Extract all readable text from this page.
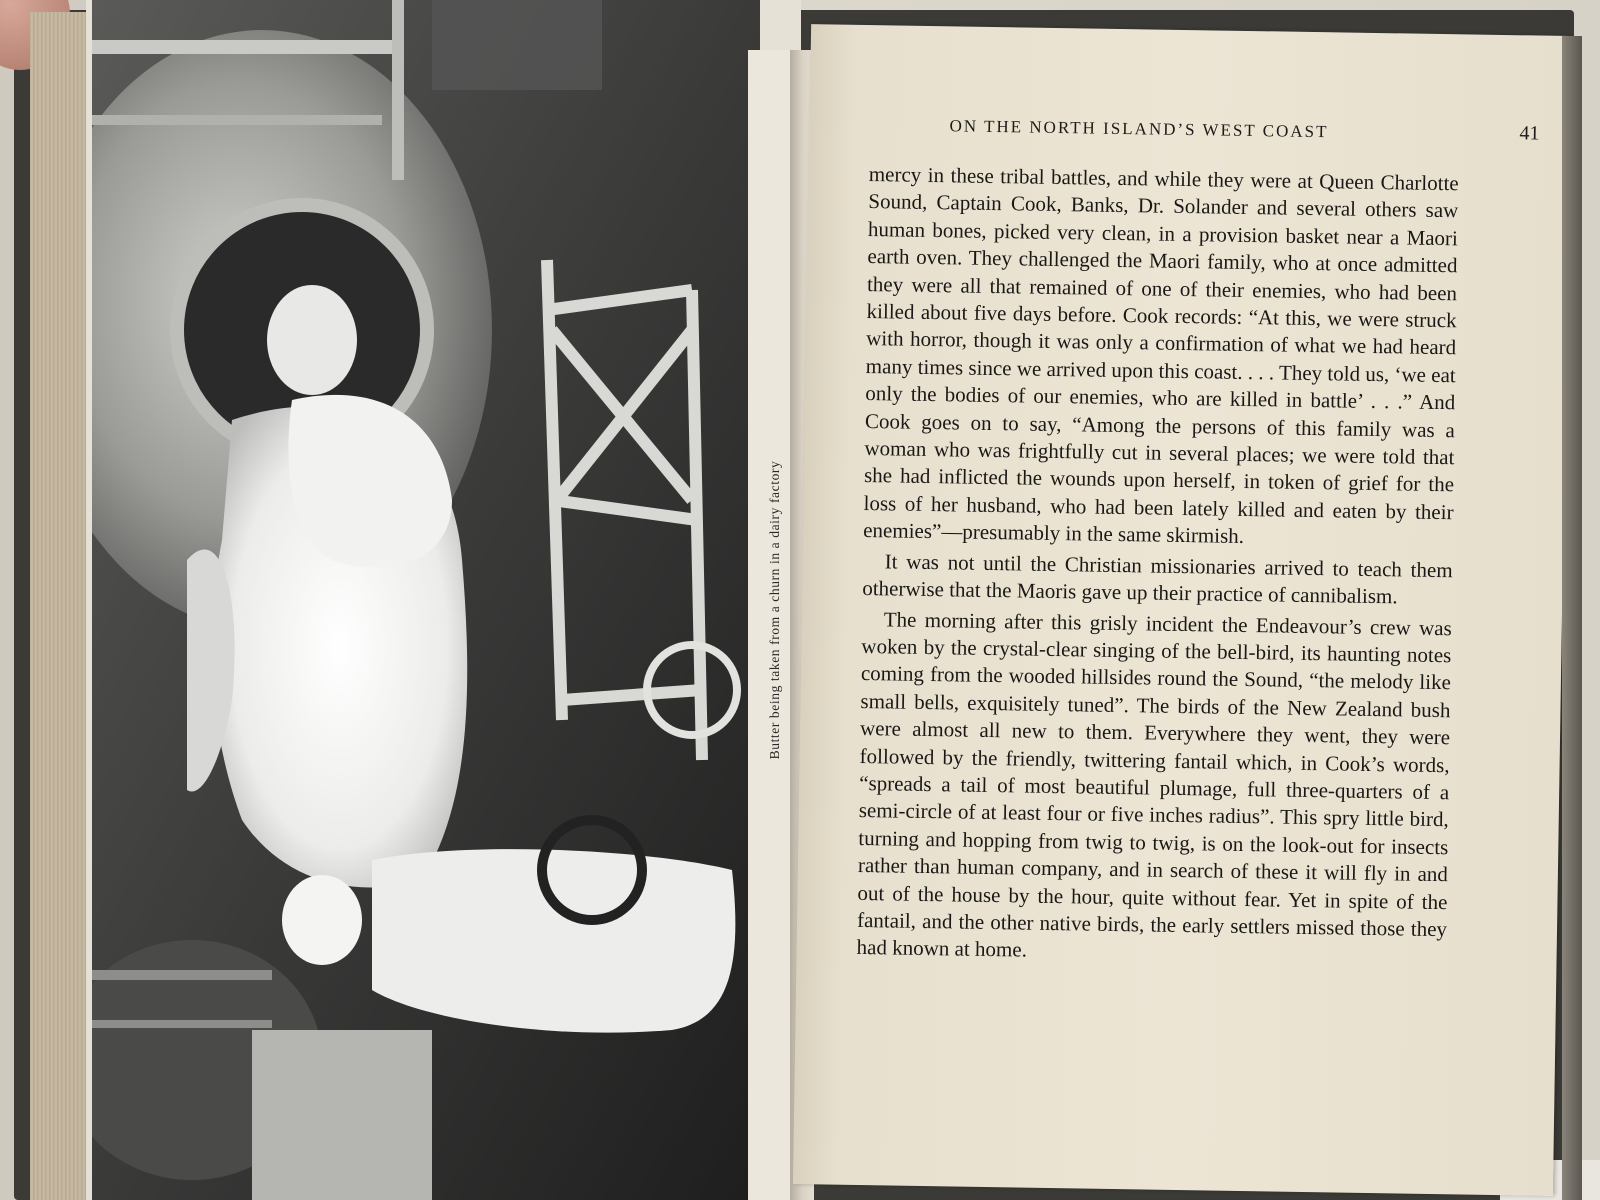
Butter being taken from a churn in a dairy factory
ON THE NORTH ISLAND’S WEST COAST	41

mercy in these tribal battles, and while they were at Queen Charlotte Sound, Captain Cook, Banks, Dr. Solander and several others saw human bones, picked very clean, in a provision basket near a Maori earth oven. They challenged the Maori family, who at once admitted they were all that remained of one of their enemies, who had been killed about five days before. Cook records: “At this, we were struck with horror, though it was only a confirmation of what we had heard many times since we arrived upon this coast. . . . They told us, ‘we eat only the bodies of our enemies, who are killed in battle’ . . .” And Cook goes on to say, “Among the persons of this family was a woman who was frightfully cut in several places; we were told that she had inflicted the wounds upon herself, in token of grief for the loss of her husband, who had been lately killed and eaten by their enemies”—presumably in the same skirmish.

It was not until the Christian missionaries arrived to teach them otherwise that the Maoris gave up their practice of cannibalism.

The morning after this grisly incident the Endeavour’s crew was woken by the crystal-clear singing of the bell-bird, its haunting notes coming from the wooded hillsides round the Sound, “the melody like small bells, exquisitely tuned”. The birds of the New Zealand bush were almost all new to them. Everywhere they went, they were followed by the friendly, twittering fantail which, in Cook’s words, “spreads a tail of most beautiful plumage, full three-quarters of a semi-circle of at least four or five inches radius”. This spry little bird, turning and hopping from twig to twig, is on the look-out for insects rather than human company, and in search of these it will fly in and out of the house by the hour, quite without fear. Yet in spite of the fantail, and the other native birds, the early settlers missed those they had known at home.
